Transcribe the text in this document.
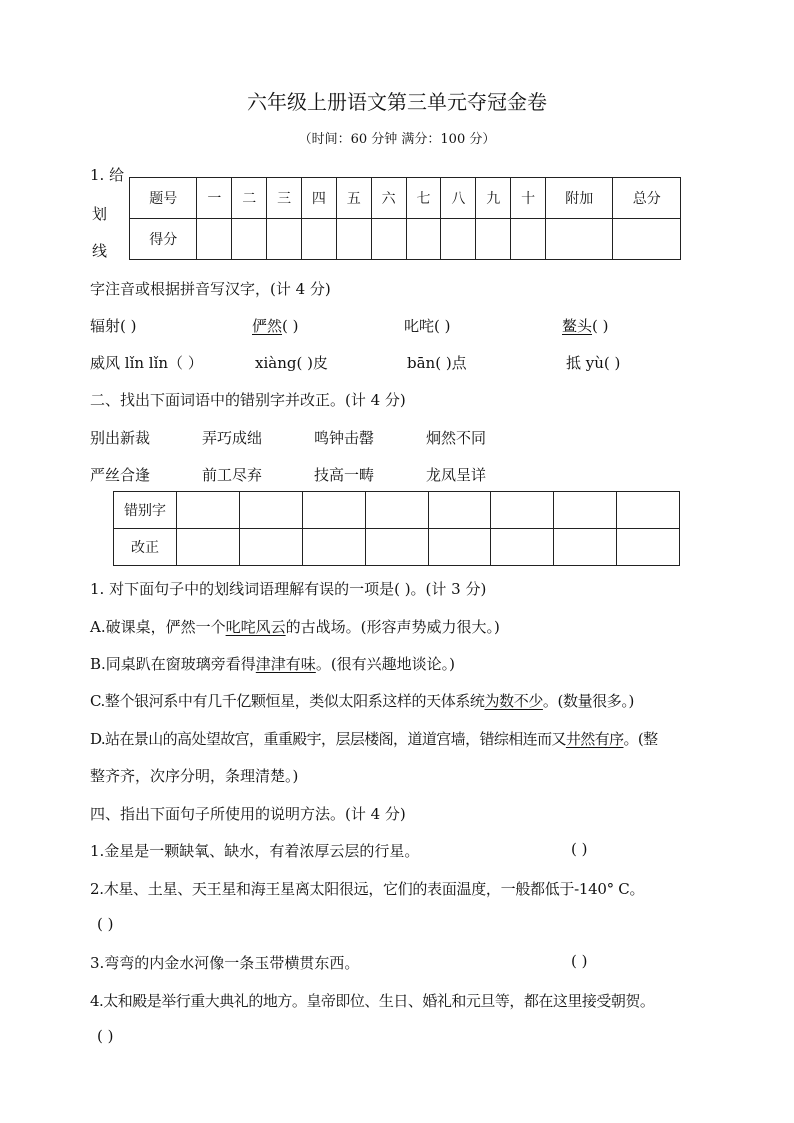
六年级上册语文第三单元夺冠金卷
（时间：60 分钟 满分：100 分）
1. 给
划
线
题号	一	二	三	四	五	六	七	八	九	十	附加	总分
得分												
字注音或根据拼音写汉字，(计 4 分)
辐射( )	俨然( )	叱咤( )	鳌头( )
威风 lǐn lǐn（ ）	xiàng( )皮	bān( )点	抵 yù( )
二、找出下面词语中的错别字并改正。(计 4 分)
别出新裁	弄巧成绌	鸣钟击罄	炯然不同
严丝合逢	前工尽弃	技高一畴	龙凤呈详
错别字								
改正								
1. 对下面句子中的划线词语理解有误的一项是( )。(计 3 分)
A.破课桌，俨然一个叱咤风云的古战场。(形容声势威力很大。)
B.同桌趴在窗玻璃旁看得津津有味。(很有兴趣地谈论。)
C.整个银河系中有几千亿颗恒星，类似太阳系这样的天体系统为数不少。(数量很多。)
D.站在景山的高处望故宫，重重殿宇，层层楼阁，道道宫墙，错综相连而又井然有序。(整
整齐齐，次序分明，条理清楚。)
四、指出下面句子所使用的说明方法。(计 4 分)
1.金星是一颗缺氧、缺水，有着浓厚云层的行星。	( )
2.木星、土星、天王星和海王星离太阳很远，它们的表面温度，一般都低于-140° C。
( )
3.弯弯的内金水河像一条玉带横贯东西。	( )
4.太和殿是举行重大典礼的地方。皇帝即位、生日、婚礼和元旦等，都在这里接受朝贺。
( )
